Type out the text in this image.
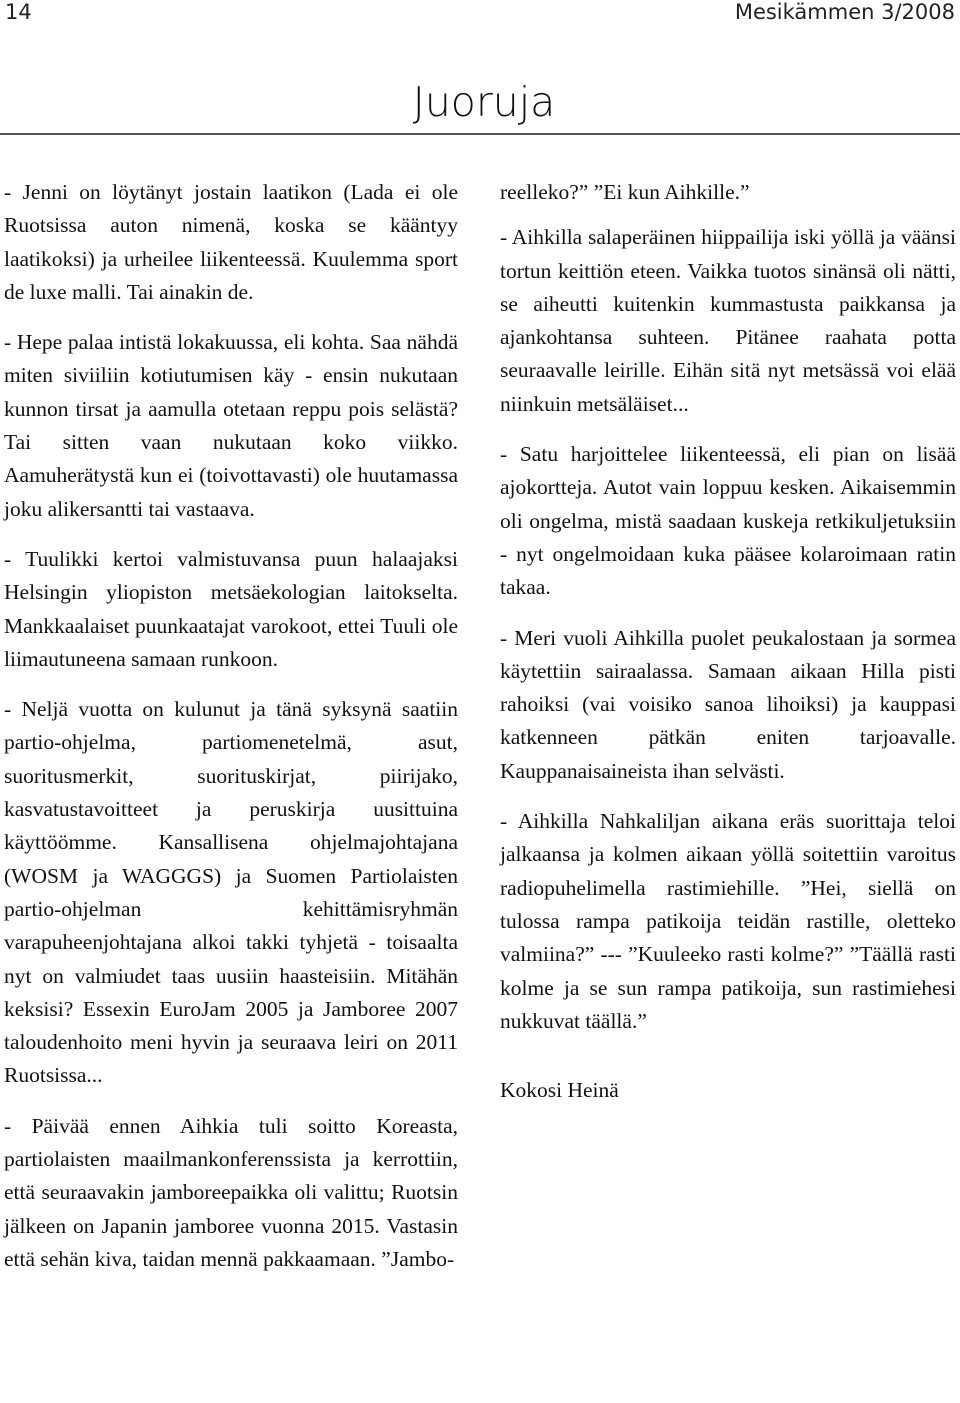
14	Mesikämmen 3/2008
Juoruja

- Jenni on löytänyt jostain laatikon (Lada ei ole Ruotsissa auton nimenä, koska se kääntyy laatikoksi) ja urheilee liikenteessä. Kuulemma sport de luxe malli. Tai ainakin de.

- Hepe palaa intistä lokakuussa, eli kohta. Saa nähdä miten siviiliin kotiutumisen käy - ensin nukutaan kunnon tirsat ja aamulla otetaan reppu pois selästä? Tai sitten vaan nukutaan koko viikko. Aamuherätystä kun ei (toivottavasti) ole huutamassa joku alikersantti tai vastaava.

- Tuulikki kertoi valmistuvansa puun halaajaksi Helsingin yliopiston metsäekologian laitokselta. Mankkaalaiset puunkaatajat varokoot, ettei Tuuli ole liimautuneena samaan runkoon.

- Neljä vuotta on kulunut ja tänä syksynä saatiin partio-ohjelma, partiomenetelmä, asut, suoritusmerkit, suorituskirjat, piirijako, kasvatustavoitteet ja peruskirja uusittuina käyttöömme. Kansallisena ohjelmajohtajana (WOSM ja WAGGGS) ja Suomen Partiolaisten partio-ohjelman kehittämisryhmän varapuheenjohtajana alkoi takki tyhjetä - toisaalta nyt on valmiudet taas uusiin haasteisiin. Mitähän keksisi? Essexin EuroJam 2005 ja Jamboree 2007 taloudenhoito meni hyvin ja seuraava leiri on 2011 Ruotsissa...

- Päivää ennen Aihkia tuli soitto Koreasta, partiolaisten maailmankonferenssista ja kerrottiin, että seuraavakin jamboreepaikka oli valittu; Ruotsin jälkeen on Japanin jamboree vuonna 2015. Vastasin että sehän kiva, taidan mennä pakkaamaan. ”Jambo-

reelleko?” ”Ei kun Aihkille.”

- Aihkilla salaperäinen hiippailija iski yöllä ja väänsi tortun keittiön eteen. Vaikka tuotos sinänsä oli nätti, se aiheutti kuitenkin kummastusta paikkansa ja ajankohtansa suhteen. Pitänee raahata potta seuraavalle leirille. Eihän sitä nyt metsässä voi elää niinkuin metsäläiset...

- Satu harjoittelee liikenteessä, eli pian on lisää ajokortteja. Autot vain loppuu kesken. Aikaisemmin oli ongelma, mistä saadaan kuskeja retkikuljetuksiin - nyt ongelmoidaan kuka pääsee kolaroimaan ratin takaa.

- Meri vuoli Aihkilla puolet peukalostaan ja sormea käytettiin sairaalassa. Samaan aikaan Hilla pisti rahoiksi (vai voisiko sanoa lihoiksi) ja kauppasi katkenneen pätkän eniten tarjoavalle. Kauppanaisaineista ihan selvästi.

- Aihkilla Nahkaliljan aikana eräs suorittaja teloi jalkaansa ja kolmen aikaan yöllä soitettiin varoitus radiopuhelimella rastimiehille. ”Hei, siellä on tulossa rampa patikoija teidän rastille, oletteko valmiina?” --- ”Kuuleeko rasti kolme?” ”Täällä rasti kolme ja se sun rampa patikoija, sun rastimiehesi nukkuvat täällä.”

Kokosi Heinä
